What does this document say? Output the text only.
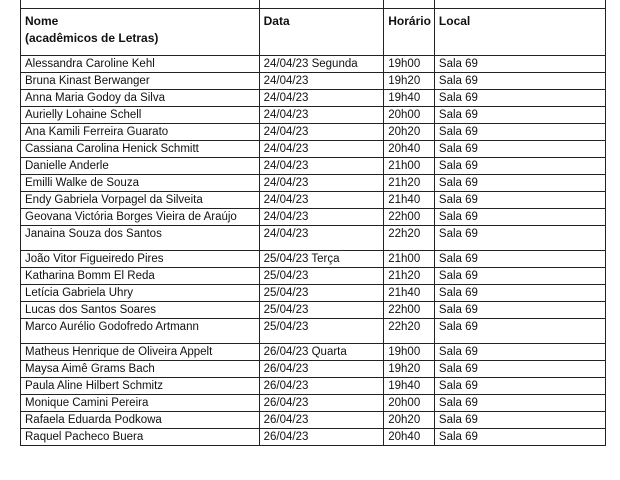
Nome
(acadêmicos de Letras)	Data	Horário	Local
Alessandra Caroline Kehl	24/04/23 Segunda	19h00	Sala 69
Bruna Kinast Berwanger	24/04/23	19h20	Sala 69
Anna Maria Godoy da Silva	24/04/23	19h40	Sala 69
Aurielly Lohaine Schell	24/04/23	20h00	Sala 69
Ana Kamili Ferreira Guarato	24/04/23	20h20	Sala 69
Cassiana Carolina Henick Schmitt	24/04/23	20h40	Sala 69
Danielle Anderle	24/04/23	21h00	Sala 69
Emilli Walke de Souza	24/04/23	21h20	Sala 69
Endy Gabriela Vorpagel da Silveita	24/04/23	21h40	Sala 69
Geovana Victória Borges Vieira de Araújo	24/04/23	22h00	Sala 69
Janaina Souza dos Santos	24/04/23	22h20	Sala 69
João Vitor Figueiredo Pires	25/04/23 Terça	21h00	Sala 69
Katharina Bomm El Reda	25/04/23	21h20	Sala 69
Letícia Gabriela Uhry	25/04/23	21h40	Sala 69
Lucas dos Santos Soares	25/04/23	22h00	Sala 69
Marco Aurélio Godofredo Artmann	25/04/23	22h20	Sala 69
Matheus Henrique de Oliveira Appelt	26/04/23 Quarta	19h00	Sala 69
Maysa Aimê Grams Bach	26/04/23	19h20	Sala 69
Paula Aline Hilbert Schmitz	26/04/23	19h40	Sala 69
Monique Camini Pereira	26/04/23	20h00	Sala 69
Rafaela Eduarda Podkowa	26/04/23	20h20	Sala 69
Raquel Pacheco Buera	26/04/23	20h40	Sala 69
